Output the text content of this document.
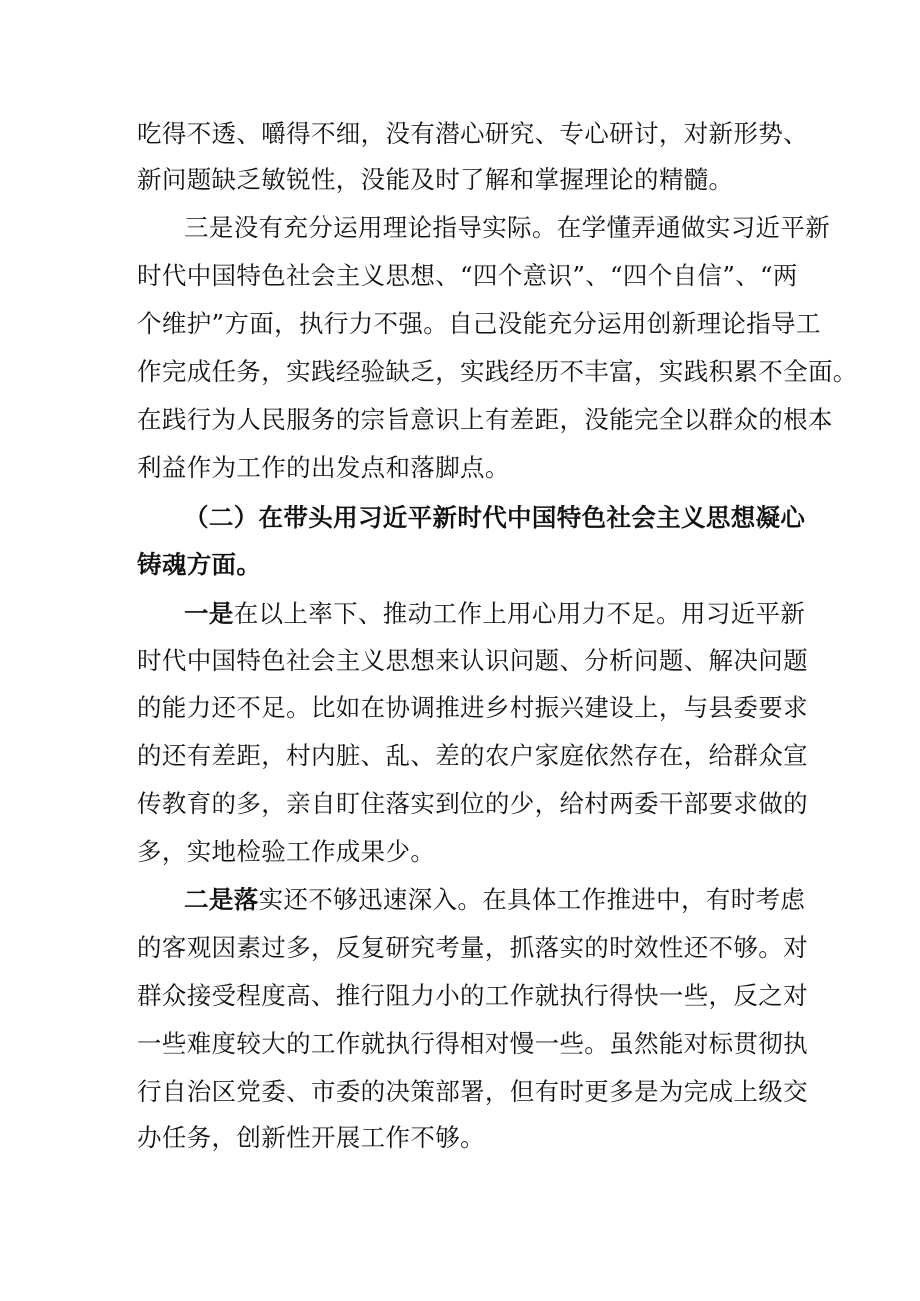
吃得不透、嚼得不细，没有潜心研究、专心研讨，对新形势、
新问题缺乏敏锐性，没能及时了解和掌握理论的精髓。
三是没有充分运用理论指导实际。在学懂弄通做实习近平新
时代中国特色社会主义思想、“四个意识”、“四个自信”、“两
个维护”方面，执行力不强。自己没能充分运用创新理论指导工
作完成任务，实践经验缺乏，实践经历不丰富，实践积累不全面。
在践行为人民服务的宗旨意识上有差距，没能完全以群众的根本
利益作为工作的出发点和落脚点。
（二）在带头用习近平新时代中国特色社会主义思想凝心
铸魂方面。
一是在以上率下、推动工作上用心用力不足。用习近平新
时代中国特色社会主义思想来认识问题、分析问题、解决问题
的能力还不足。比如在协调推进乡村振兴建设上，与县委要求
的还有差距，村内脏、乱、差的农户家庭依然存在，给群众宣
传教育的多，亲自盯住落实到位的少，给村两委干部要求做的
多，实地检验工作成果少。
二是落实还不够迅速深入。在具体工作推进中，有时考虑
的客观因素过多，反复研究考量，抓落实的时效性还不够。对
群众接受程度高、推行阻力小的工作就执行得快一些，反之对
一些难度较大的工作就执行得相对慢一些。虽然能对标贯彻执
行自治区党委、市委的决策部署，但有时更多是为完成上级交
办任务，创新性开展工作不够。
